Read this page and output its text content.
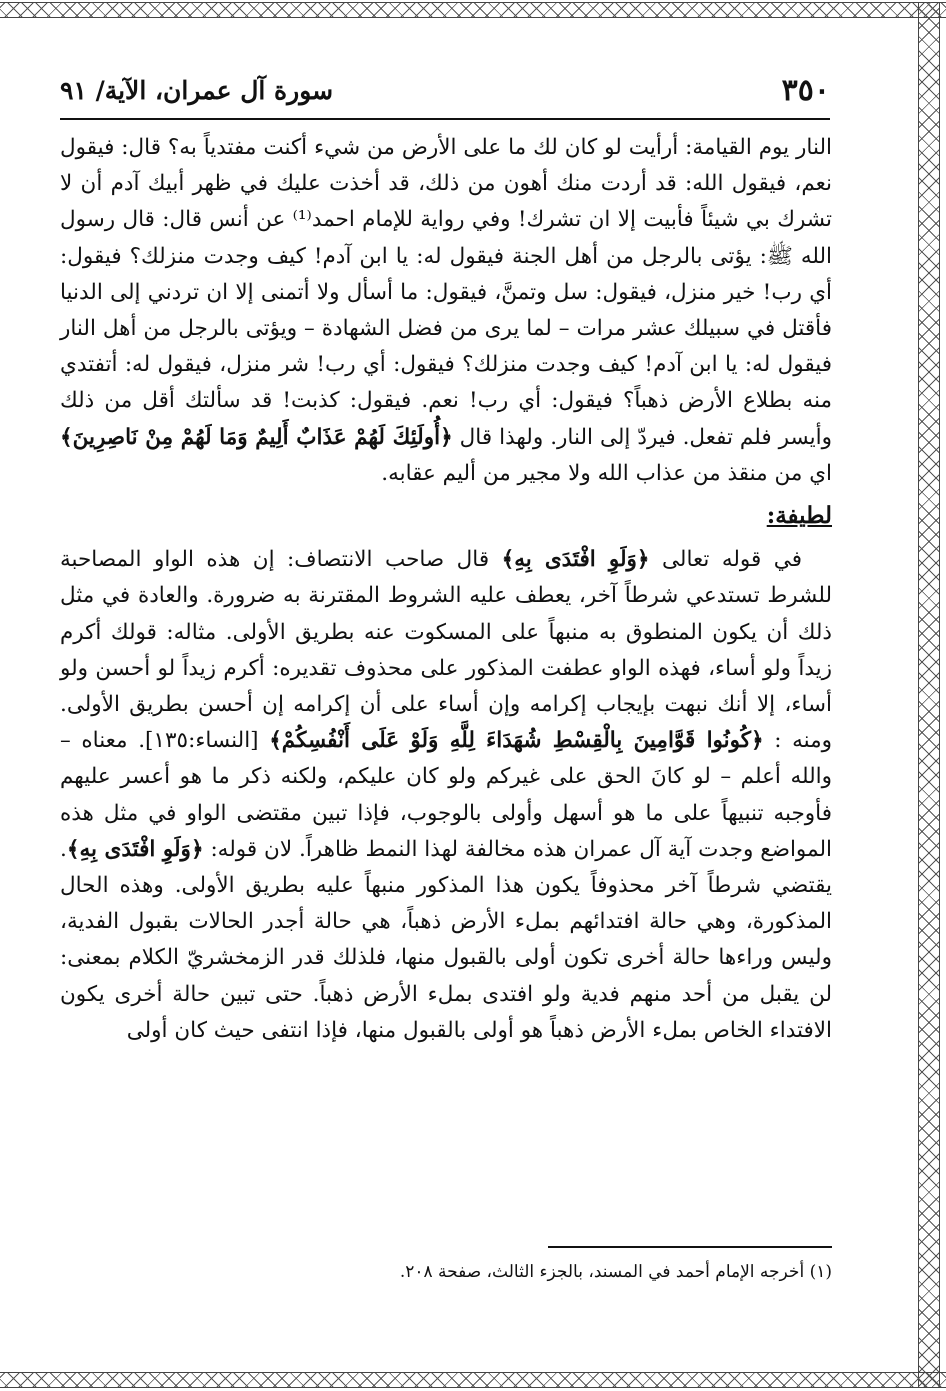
٣٥٠
سورة آل عمران، الآية/ ٩١

النار يوم القيامة: أرأيت لو كان لك ما على الأرض من شيء أكنت مفتدياً به؟ قال: فيقول نعم، فيقول الله: قد أردت منك أهون من ذلك، قد أخذت عليك في ظهر أبيك آدم أن لا تشرك بي شيئاً فأبيت إلا ان تشرك! وفي رواية للإمام احمد⁽¹⁾ عن أنس قال: قال رسول الله ﷺ: يؤتى بالرجل من أهل الجنة فيقول له: يا ابن آدم! كيف وجدت منزلك؟ فيقول: أي رب! خير منزل، فيقول: سل وتمنَّ، فيقول: ما أسأل ولا أتمنى إلا ان تردني إلى الدنيا فأقتل في سبيلك عشر مرات – لما يرى من فضل الشهادة – ويؤتى بالرجل من أهل النار فيقول له: يا ابن آدم! كيف وجدت منزلك؟ فيقول: أي رب! شر منزل، فيقول له: أتفتدي منه بطلاع الأرض ذهباً؟ فيقول: أي رب! نعم. فيقول: كذبت! قد سألتك أقل من ذلك وأيسر فلم تفعل. فيردّ إلى النار. ولهذا قال ﴿أُولَئِكَ لَهُمْ عَذَابٌ أَلِيمٌ وَمَا لَهُمْ مِنْ نَاصِرِينَ﴾ اي من منقذ من عذاب الله ولا مجير من أليم عقابه.

لطيفة:

في قوله تعالى ﴿وَلَوِ افْتَدَى بِهِ﴾ قال صاحب الانتصاف: إن هذه الواو المصاحبة للشرط تستدعي شرطاً آخر، يعطف عليه الشروط المقترنة به ضرورة. والعادة في مثل ذلك أن يكون المنطوق به منبهاً على المسكوت عنه بطريق الأولى. مثاله: قولك أكرم زيداً ولو أساء، فهذه الواو عطفت المذكور على محذوف تقديره: أكرم زيداً لو أحسن ولو أساء، إلا أنك نبهت بإيجاب إكرامه وإن أساء على أن إكرامه إن أحسن بطريق الأولى. ومنه : ﴿كُونُوا قَوَّامِينَ بِالْقِسْطِ شُهَدَاءَ لِلَّهِ وَلَوْ عَلَى أَنْفُسِكُمْ﴾ [النساء:١٣٥]. معناه – والله أعلم – لو كانَ الحق على غيركم ولو كان عليكم، ولكنه ذكر ما هو أعسر عليهم فأوجبه تنبيهاً على ما هو أسهل وأولى بالوجوب، فإذا تبين مقتضى الواو في مثل هذه المواضع وجدت آية آل عمران هذه مخالفة لهذا النمط ظاهراً. لان قوله: ﴿وَلَوِ افْتَدَى بِهِ﴾. يقتضي شرطاً آخر محذوفاً يكون هذا المذكور منبهاً عليه بطريق الأولى. وهذه الحال المذكورة، وهي حالة افتدائهم بملء الأرض ذهباً، هي حالة أجدر الحالات بقبول الفدية، وليس وراءها حالة أخرى تكون أولى بالقبول منها، فلذلك قدر الزمخشريّ الكلام بمعنى: لن يقبل من أحد منهم فدية ولو افتدى بملء الأرض ذهباً. حتى تبين حالة أخرى يكون الافتداء الخاص بملء الأرض ذهباً هو أولى بالقبول منها، فإذا انتفى حيث كان أولى

(١) أخرجه الإمام أحمد في المسند، بالجزء الثالث، صفحة ٢٠٨.
